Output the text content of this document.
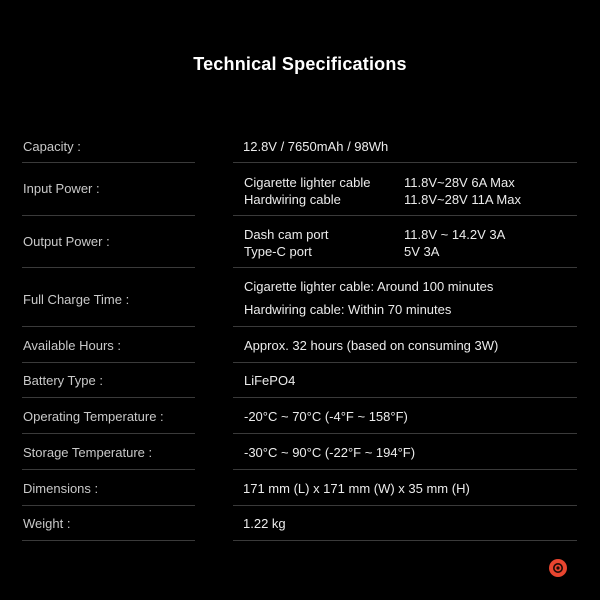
Technical Specifications
Capacity :	12.8V / 7650mAh / 98Wh
Input Power :	Cigarette lighter cable	11.8V~28V 6A Max
Hardwiring cable	11.8V~28V 11A Max
Output Power :	Dash cam port	11.8V ~ 14.2V 3A
Type-C port	5V 3A
Full Charge Time :
Cigarette lighter cable: Around 100 minutes
Hardwiring cable: Within 70 minutes
Available Hours :	Approx. 32 hours (based on consuming 3W)
Battery Type :	LiFePO4
Operating Temperature :	-20°C ~ 70°C (-4°F ~ 158°F)
Storage Temperature :	-30°C ~ 90°C (-22°F ~ 194°F)
Dimensions :	171 mm (L) x 171 mm (W) x 35 mm (H)
Weight :	1.22 kg
